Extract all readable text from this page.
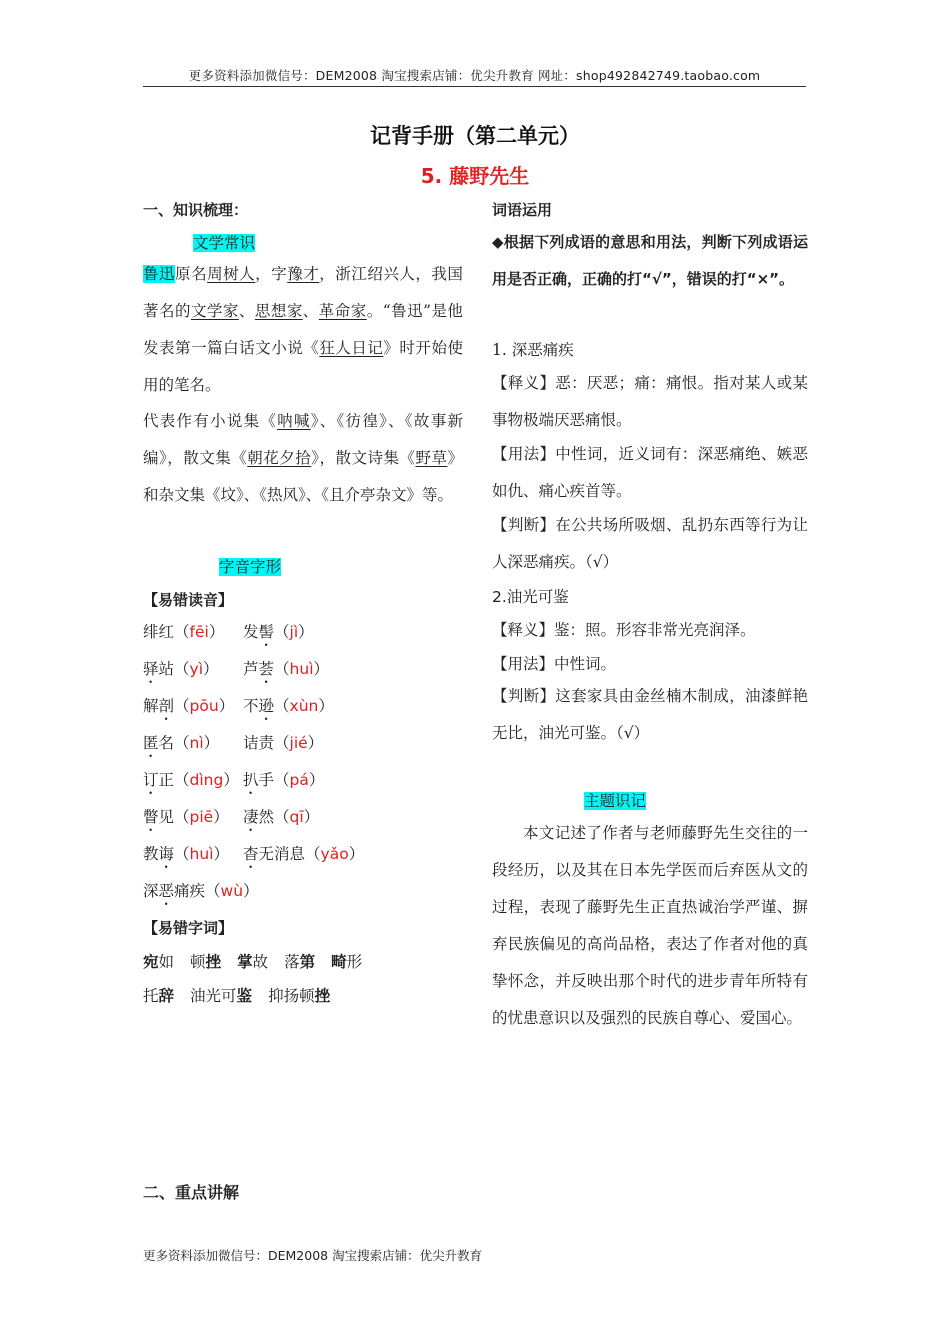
更多资料添加微信号：DEM2008 淘宝搜索店铺：优尖升教育 网址：shop492842749.taobao.com
记背手册（第二单元）
5. 藤野先生
一、知识梳理：
文学常识
鲁迅原名周树人，字豫才，浙江绍兴人，我国著名的文学家、思想家、革命家。“鲁迅”是他发表第一篇白话文小说《狂人日记》时开始使用的笔名。
代表作有小说集《呐喊》、《彷徨》、《故事新编》，散文集《朝花夕拾》，散文诗集《野草》和杂文集《坟》、《热风》、《且介亭杂文》等。
字音字形
【易错读音】
绯红（fēi） 发髻（jì）
驿站（yì） 芦荟（huì）
解剖（pōu） 不逊（xùn）
匿名（nì） 诘责（jié）
订正（dìng） 扒手（pá）
瞥见（piē） 凄然（qī）
教诲（huì） 杳无消息（yǎo）
深恶痛疾（wù）
【易错字词】
宛如 顿挫 掌故 落第 畸形
托辞 油光可鉴 抑扬顿挫
词语运用
◆根据下列成语的意思和用法，判断下列成语运用是否正确，正确的打“√”，错误的打“×”。
1. 深恶痛疾
【释义】恶：厌恶；痛：痛恨。指对某人或某事物极端厌恶痛恨。
【用法】中性词，近义词有：深恶痛绝、嫉恶如仇、痛心疾首等。
【判断】在公共场所吸烟、乱扔东西等行为让人深恶痛疾。（√）
2.油光可鉴
【释义】鉴：照。形容非常光亮润泽。
【用法】中性词。
【判断】这套家具由金丝楠木制成，油漆鲜艳无比，油光可鉴。（√）
主题识记
本文记述了作者与老师藤野先生交往的一段经历，以及其在日本先学医而后弃医从文的过程，表现了藤野先生正直热诚治学严谨、摒弃民族偏见的高尚品格，表达了作者对他的真挚怀念，并反映出那个时代的进步青年所特有的忧患意识以及强烈的民族自尊心、爱国心。
二、重点讲解
更多资料添加微信号：DEM2008 淘宝搜索店铺：优尖升教育
